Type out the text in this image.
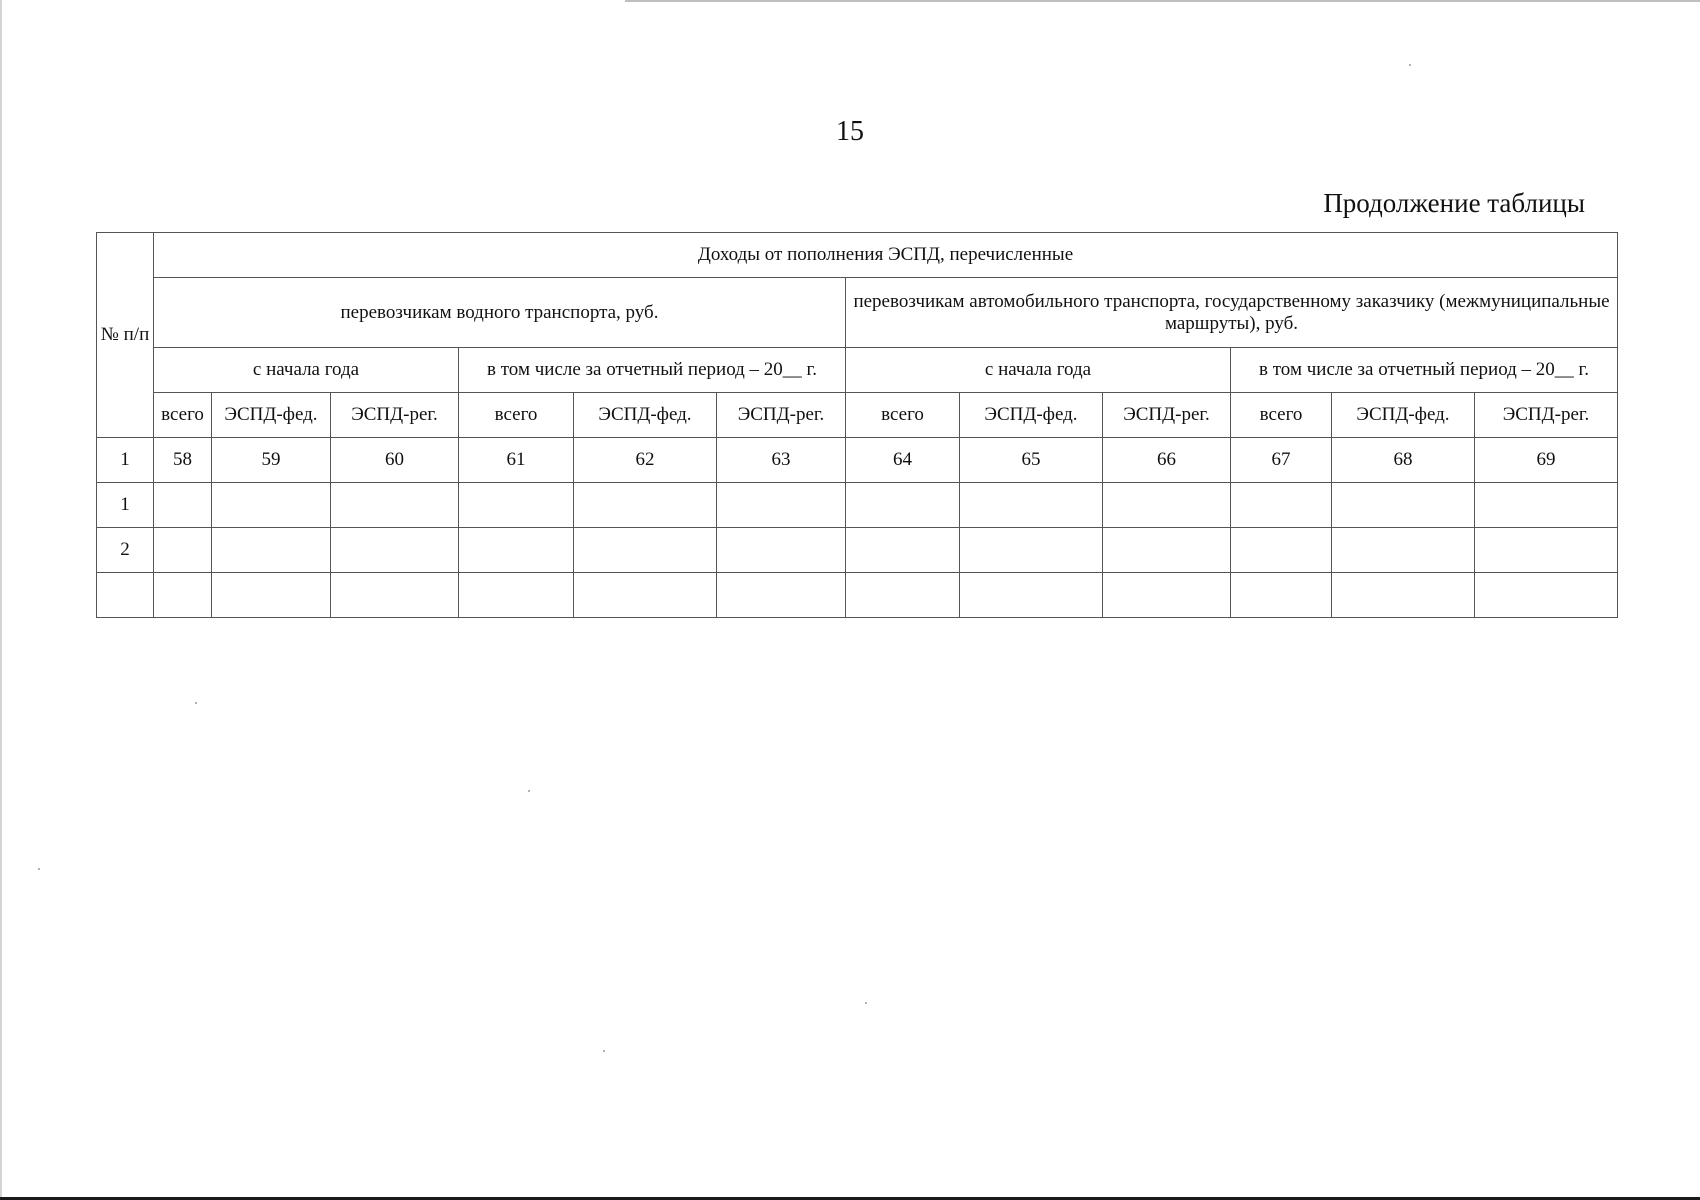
15
Продолжение таблицы
№ п/п	Доходы от пополнения ЭСПД, перечисленные											
	перевозчикам водного транспорта, руб.						перевозчикам автомобильного транспорта, государственному заказчику (межмуниципальные маршруты), руб.					
	с начала года			в том числе за отчетный период – 20__ г.			с начала года			в том числе за отчетный период – 20__ г.		
	всего	ЭСПД-фед.	ЭСПД-рег.	всего	ЭСПД-фед.	ЭСПД-рег.	всего	ЭСПД-фед.	ЭСПД-рег.	всего	ЭСПД-фед.	ЭСПД-рег.
1	58	59	60	61	62	63	64	65	66	67	68	69
1												
2												
